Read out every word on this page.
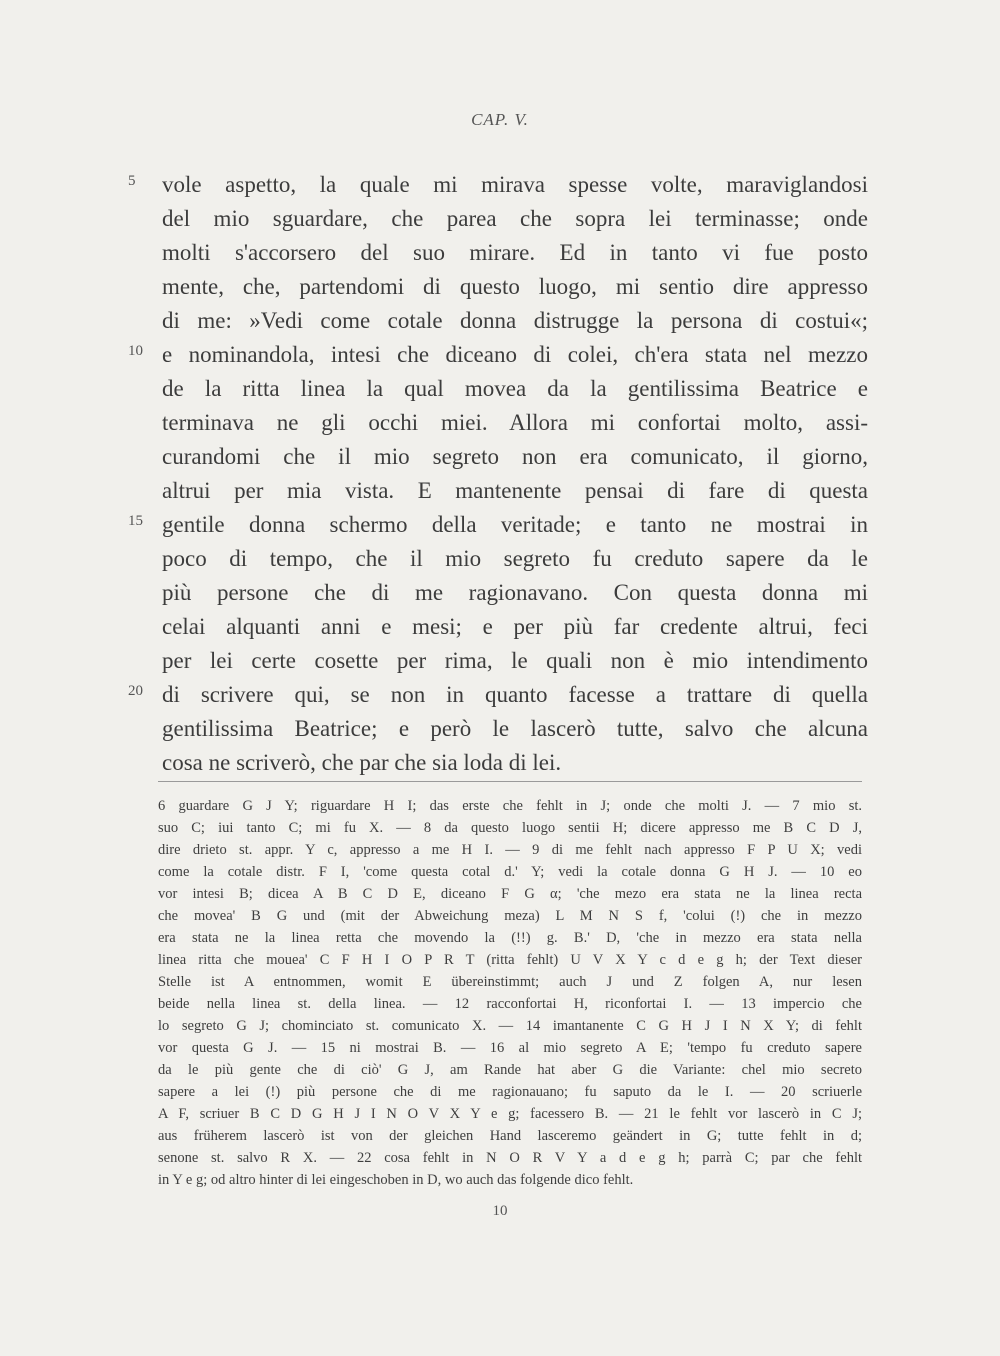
CAP. V.
5
10
15
20
vole aspetto, la quale mi mirava spesse volte, maraviglandosi
del mio sguardare, che parea che sopra lei terminasse; onde
molti s'accorsero del suo mirare. Ed in tanto vi fue posto
mente, che, partendomi di questo luogo, mi sentio dire appresso
di me: »Vedi come cotale donna distrugge la persona di costui«;
e nominandola, intesi che diceano di colei, ch'era stata nel mezzo
de la ritta linea la qual movea da la gentilissima Beatrice e
terminava ne gli occhi miei. Allora mi confortai molto, assi-
curandomi che il mio segreto non era comunicato, il giorno,
altrui per mia vista. E mantenente pensai di fare di questa
gentile donna schermo della veritade; e tanto ne mostrai in
poco di tempo, che il mio segreto fu creduto sapere da le
più persone che di me ragionavano. Con questa donna mi
celai alquanti anni e mesi; e per più far credente altrui, feci
per lei certe cosette per rima, le quali non è mio intendimento
di scrivere qui, se non in quanto facesse a trattare di quella
gentilissima Beatrice; e però le lascerò tutte, salvo che alcuna
cosa ne scriverò, che par che sia loda di lei.
6 guardare G J Y; riguardare H I; das erste che fehlt in J; onde che molti J. — 7 mio st.
suo C; iui tanto C; mi fu X. — 8 da questo luogo sentii H; dicere appresso me B C D J,
dire drieto st. appr. Y c, appresso a me H I. — 9 di me fehlt nach appresso F P U X; vedi
come la cotale distr. F I, 'come questa cotal d.' Y; vedi la cotale donna G H J. — 10 eo
vor intesi B; dicea A B C D E, diceano F G α; 'che mezo era stata ne la linea recta
che movea' B G und (mit der Abweichung meza) L M N S f, 'colui (!) che in mezzo
era stata ne la linea retta che movendo la (!!) g. B.' D, 'che in mezzo era stata nella
linea ritta che mouea' C F H I O P R T (ritta fehlt) U V X Y c d e g h; der Text dieser
Stelle ist A entnommen, womit E übereinstimmt; auch J und Z folgen A, nur lesen
beide nella linea st. della linea. — 12 racconfortai H, riconfortai I. — 13 impercio che
lo segreto G J; chominciato st. comunicato X. — 14 imantanente C G H J I N X Y; di fehlt
vor questa G J. — 15 ni mostrai B. — 16 al mio segreto A E; 'tempo fu creduto sapere
da le più gente che di ciò' G J, am Rande hat aber G die Variante: chel mio secreto
sapere a lei (!) più persone che di me ragionauano; fu saputo da le I. — 20 scriuerle
A F, scriuer B C D G H J I N O V X Y e g; facessero B. — 21 le fehlt vor lascerò in C J;
aus früherem lascerò ist von der gleichen Hand lasceremo geändert in G; tutte fehlt in d;
senone st. salvo R X. — 22 cosa fehlt in N O R V Y a d e g h; parrà C; par che fehlt
in Y e g; od altro hinter di lei eingeschoben in D, wo auch das folgende dico fehlt.
10
